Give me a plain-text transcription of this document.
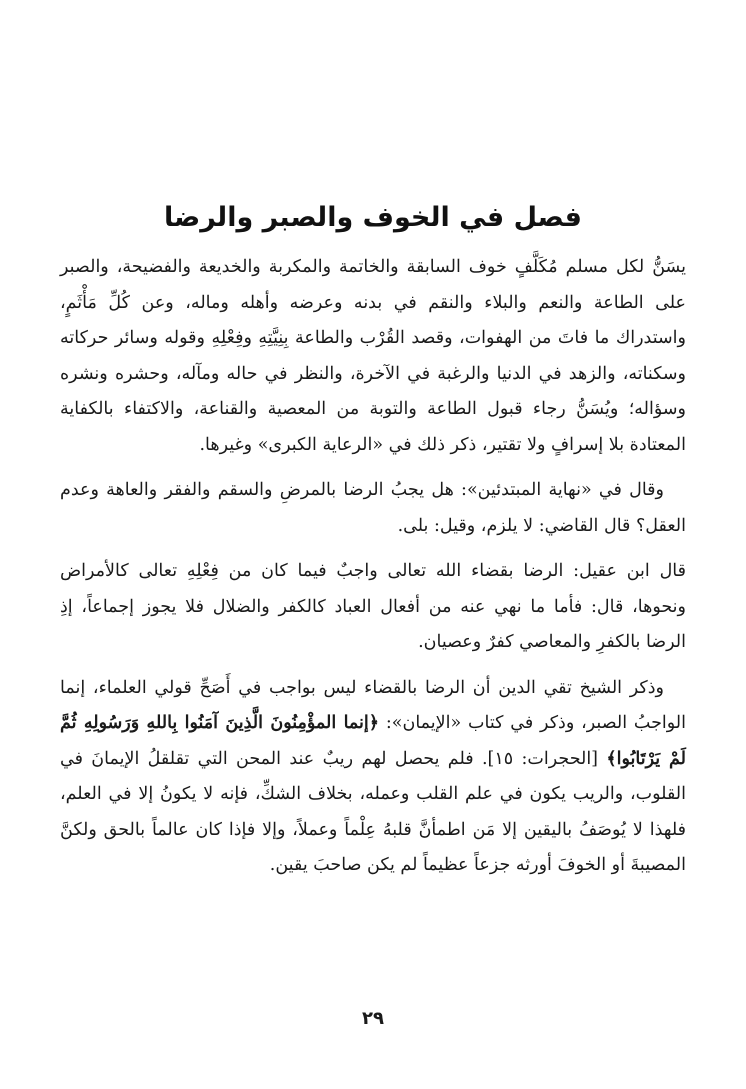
فصل في الخوف والصبر والرضا

يسَنُّ لكل مسلم مُكَلَّفٍ خوف السابقة والخاتمة والمكربة والخديعة والفضيحة، والصبر على الطاعة والنعم والبلاء والنقم في بدنه وعرضه وأهله وماله، وعن كُلِّ مَأْثَمٍ، واستدراك ما فاتَ من الهفوات، وقصد القُرْب والطاعة بِنِيَّتِهِ وفِعْلِهِ وقوله وسائر حركاته وسكناته، والزهد في الدنيا والرغبة في الآخرة، والنظر في حاله ومآله، وحشره ونشره وسؤاله؛ ويُسَنُّ رجاء قبول الطاعة والتوبة من المعصية والقناعة، والاكتفاء بالكفاية المعتادة بلا إسرافٍ ولا تقتير، ذكر ذلك في «الرعاية الكبرى» وغيرها.

وقال في «نهاية المبتدئين»: هل يجبُ الرضا بالمرضِ والسقم والفقر والعاهة وعدم العقل؟ قال القاضي: لا يلزم، وقيل: بلى.

قال ابن عقيل: الرضا بقضاء الله تعالى واجبٌ فيما كان من فِعْلِهِ تعالى كالأمراض ونحوها، قال: فأما ما نهي عنه من أفعال العباد كالكفر والضلال فلا يجوز إجماعاً، إذِ الرضا بالكفرِ والمعاصي كفرٌ وعصيان.

وذكر الشيخ تقي الدين أن الرضا بالقضاء ليس بواجب في أَصَحِّ قولي العلماء، إنما الواجبُ الصبر، وذكر في كتاب «الإيمان»: ﴿إنما المؤْمِنُونَ الَّذِينَ آمَنُوا بِاللهِ وَرَسُولِهِ ثُمَّ لَمْ يَرْتَابُوا﴾ [الحجرات: ١٥]. فلم يحصل لهم ريبٌ عند المحن التي تقلقلُ الإيمانَ في القلوب، والريب يكون في علم القلب وعمله، بخلاف الشكِّ، فإنه لا يكونُ إلا في العلم، فلهذا لا يُوصَفُ باليقين إلا مَن اطمأنَّ قلبهُ عِلْماً وعملاً، وإلا فإذا كان عالماً بالحق ولكنَّ المصيبةَ أو الخوفَ أورثه جزعاً عظيماً لم يكن صاحبَ يقين.

٢٩
